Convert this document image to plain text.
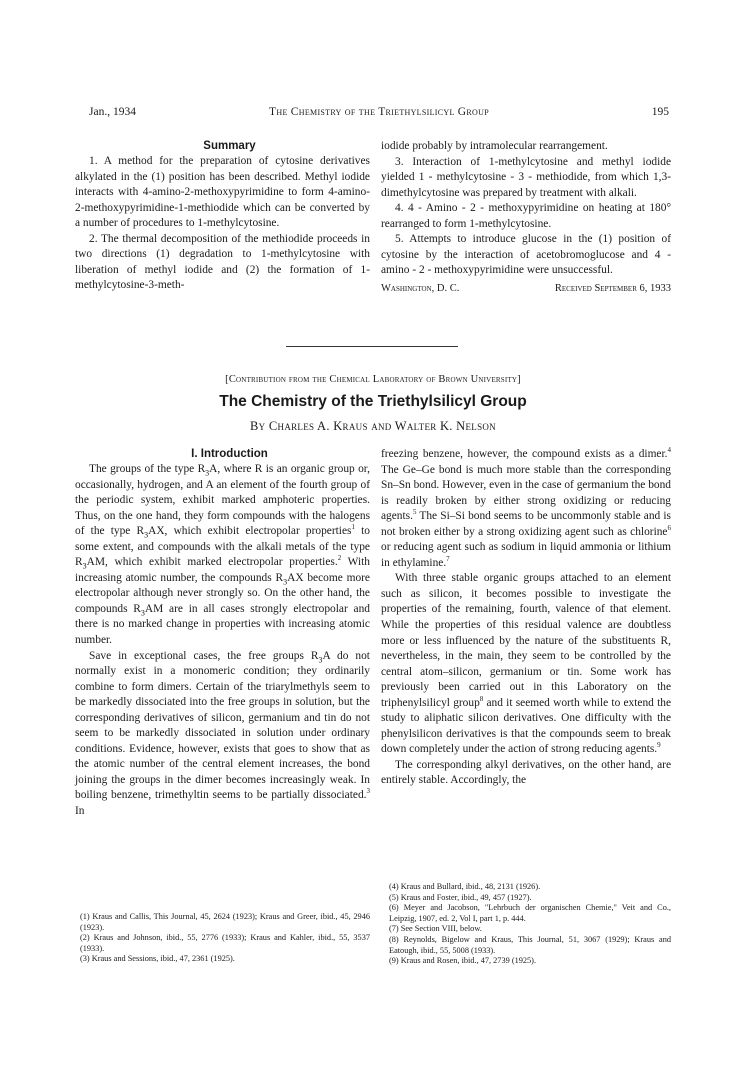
Jan., 1934	The Chemistry of the Triethylsilicyl Group	195

Summary

1. A method for the preparation of cytosine derivatives alkylated in the (1) position has been described. Methyl iodide interacts with 4-amino-2-methoxypyrimidine to form 4-amino-2-methoxypyrimidine-1-methiodide which can be converted by a number of procedures to 1-methylcytosine.

2. The thermal decomposition of the methiodide proceeds in two directions (1) degradation to 1-methylcytosine with liberation of methyl iodide and (2) the formation of 1-methylcytosine-3-meth-

iodide probably by intramolecular rearrangement.

3. Interaction of 1-methylcytosine and methyl iodide yielded 1 - methylcytosine - 3 - methiodide, from which 1,3-dimethylcytosine was prepared by treatment with alkali.

4. 4 - Amino - 2 - methoxypyrimidine on heating at 180° rearranged to form 1-methylcytosine.

5. Attempts to introduce glucose in the (1) position of cytosine by the interaction of acetobromoglucose and 4 - amino - 2 - methoxypyrimidine were unsuccessful.

Washington, D. C.	Received September 6, 1933
[Contribution from the Chemical Laboratory of Brown University]
The Chemistry of the Triethylsilicyl Group
By Charles A. Kraus and Walter K. Nelson

I. Introduction

The groups of the type $R_3A$, where R is an organic group or, occasionally, hydrogen, and A an element of the fourth group of the periodic system, exhibit marked amphoteric properties. Thus, on the one hand, they form compounds with the halogens of the type $R_3AX$, which exhibit electropolar properties$^1$ to some extent, and compounds with the alkali metals of the type $R_3AM$, which exhibit marked electropolar properties.$^2$ With increasing atomic number, the compounds $R_3AX$ become more electropolar although never strongly so. On the other hand, the compounds $R_3AM$ are in all cases strongly electropolar and there is no marked change in properties with increasing atomic number.

Save in exceptional cases, the free groups $R_3A$ do not normally exist in a monomeric condition; they ordinarily combine to form dimers. Certain of the triarylmethyls seem to be markedly dissociated into the free groups in solution, but the corresponding derivatives of silicon, germanium and tin do not seem to be markedly dissociated in solution under ordinary conditions. Evidence, however, exists that goes to show that as the atomic number of the central element increases, the bond joining the groups in the dimer becomes increasingly weak. In boiling benzene, trimethyltin seems to be partially dissociated.$^3$ In

freezing benzene, however, the compound exists as a dimer.$^4$ The Ge–Ge bond is much more stable than the corresponding Sn–Sn bond. However, even in the case of germanium the bond is readily broken by either strong oxidizing or reducing agents.$^5$ The Si–Si bond seems to be uncommonly stable and is not broken either by a strong oxidizing agent such as chlorine$^6$ or reducing agent such as sodium in liquid ammonia or lithium in ethylamine.$^7$

With three stable organic groups attached to an element such as silicon, it becomes possible to investigate the properties of the remaining, fourth, valence of that element. While the properties of this residual valence are doubtless more or less influenced by the nature of the substituents R, nevertheless, in the main, they seem to be controlled by the central atom–silicon, germanium or tin. Some work has previously been carried out in this Laboratory on the triphenylsilicyl group$^8$ and it seemed worth while to extend the study to aliphatic silicon derivatives. One difficulty with the phenylsilicon derivatives is that the compounds seem to break down completely under the action of strong reducing agents.$^9$

The corresponding alkyl derivatives, on the other hand, are entirely stable. Accordingly, the

(1) Kraus and Callis, This Journal, 45, 2624 (1923); Kraus and Greer, ibid., 45, 2946 (1923).

(2) Kraus and Johnson, ibid., 55, 2776 (1933); Kraus and Kahler, ibid., 55, 3537 (1933).

(3) Kraus and Sessions, ibid., 47, 2361 (1925).

(4) Kraus and Bullard, ibid., 48, 2131 (1926).

(5) Kraus and Foster, ibid., 49, 457 (1927).

(6) Meyer and Jacobson, "Lehrbuch der organischen Chemie," Veit and Co., Leipzig, 1907, ed. 2, Vol I, part 1, p. 444.

(7) See Section VIII, below.

(8) Reynolds, Bigelow and Kraus, This Journal, 51, 3067 (1929); Kraus and Eatough, ibid., 55, 5008 (1933).

(9) Kraus and Rosen, ibid., 47, 2739 (1925).
